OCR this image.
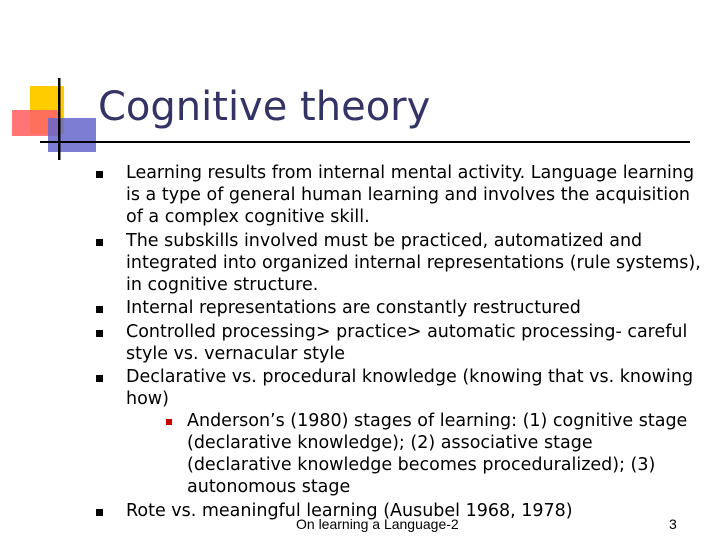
Cognitive theory
Learning results from internal mental activity. Language learning is a type of general human learning and involves the acquisition of a complex cognitive skill.
The subskills involved must be practiced, automatized and integrated into organized internal representations (rule systems), in cognitive structure.
Internal representations are constantly restructured
Controlled processing> practice> automatic processing- careful style vs. vernacular style
Declarative vs. procedural knowledge (knowing that vs. knowing how)
Anderson’s (1980) stages of learning: (1) cognitive stage (declarative knowledge); (2) associative stage (declarative knowledge becomes proceduralized); (3) autonomous stage
Rote vs. meaningful learning (Ausubel 1968, 1978)
On learning a Language-2	3
